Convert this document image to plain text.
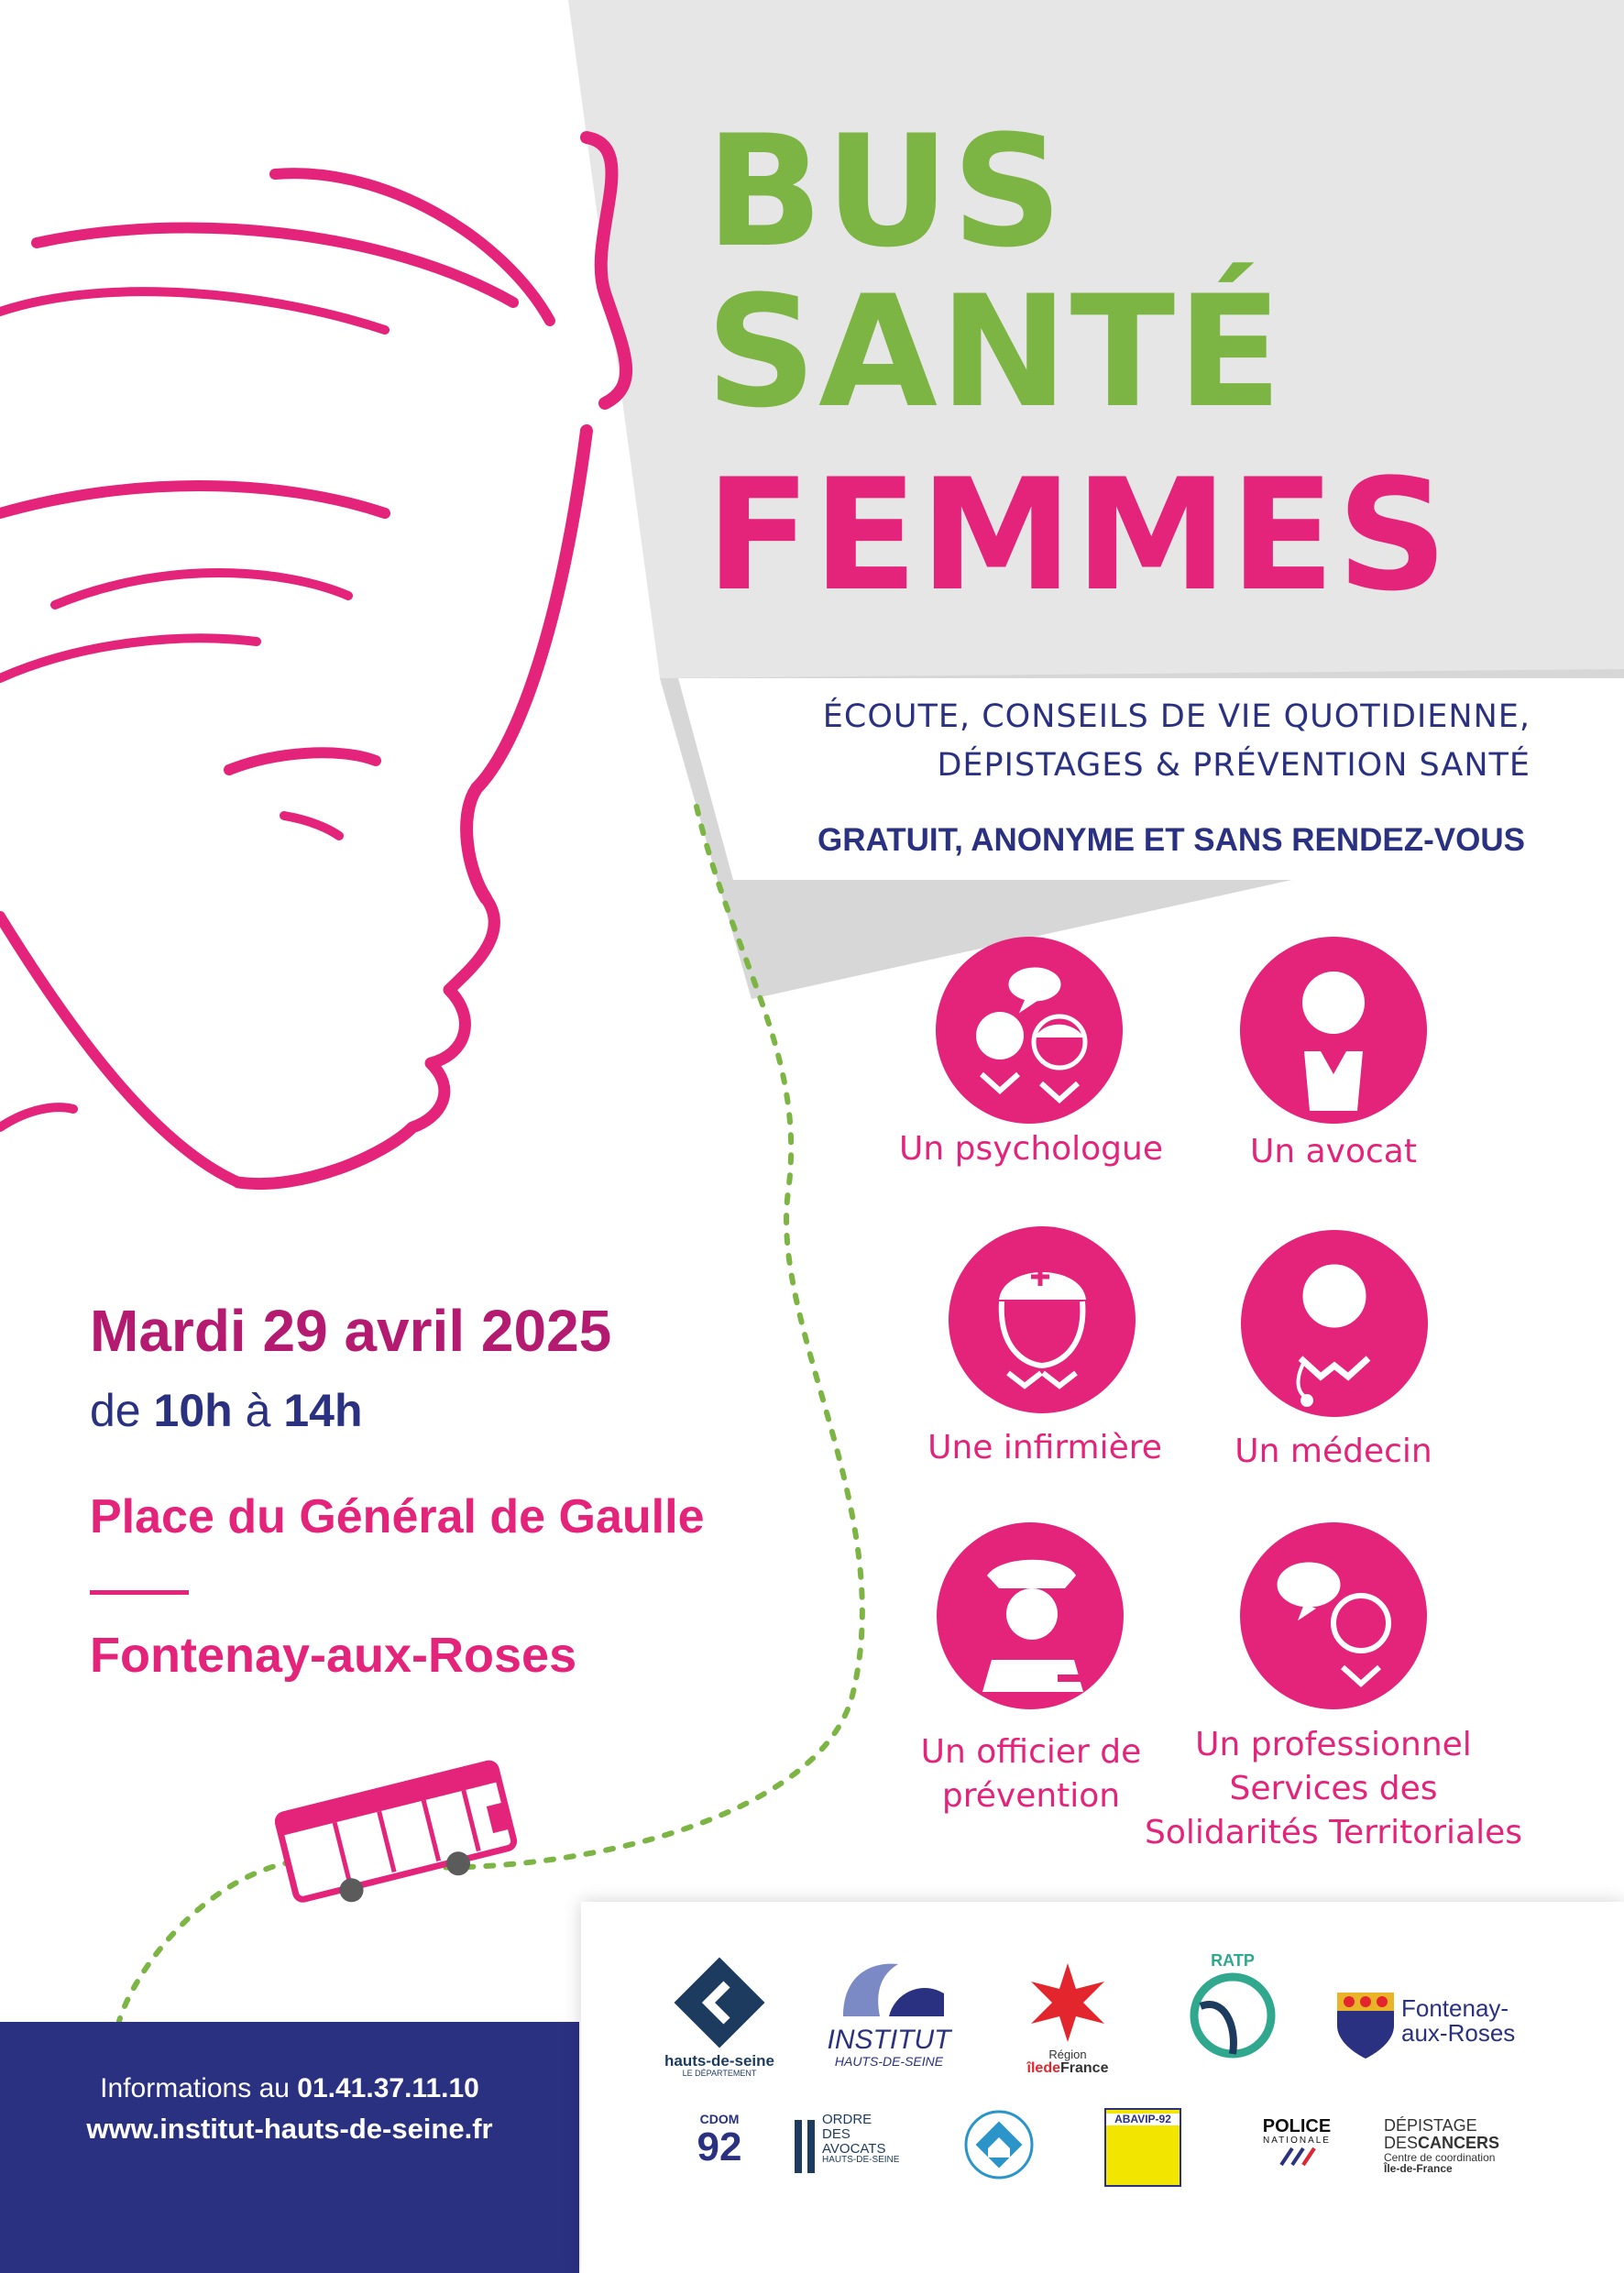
BUS
SANTÉ
FEMMES
ÉCOUTE, CONSEILS DE VIE QUOTIDIENNE,
DÉPISTAGES & PRÉVENTION SANTÉ
GRATUIT, ANONYME ET SANS RENDEZ-VOUS
Un psychologue	Un avocat
Une infirmière	Un médecin
Un officier de
prévention
Un professionnel
Services des
Solidarités Territoriales
Mardi 29 avril 2025
de 10h à 14h
Place du Général de Gaulle
Fontenay-aux-Roses
Informations au 01.41.37.11.10
www.institut-hauts-de-seine.fr
hauts-de-seine
LE DÉPARTEMENT
INSTITUT
HAUTS-DE-SEINE	Région
îledeFrance
RATP
Fontenay-
aux-Roses
CDOM
92
ORDRE
DES
AVOCATS
HAUTS-DE-SEINE
ABAVIP-92	POLICE
NATIONALE
DÉPISTAGE
DESCANCERS
Centre de coordination
Île-de-France
